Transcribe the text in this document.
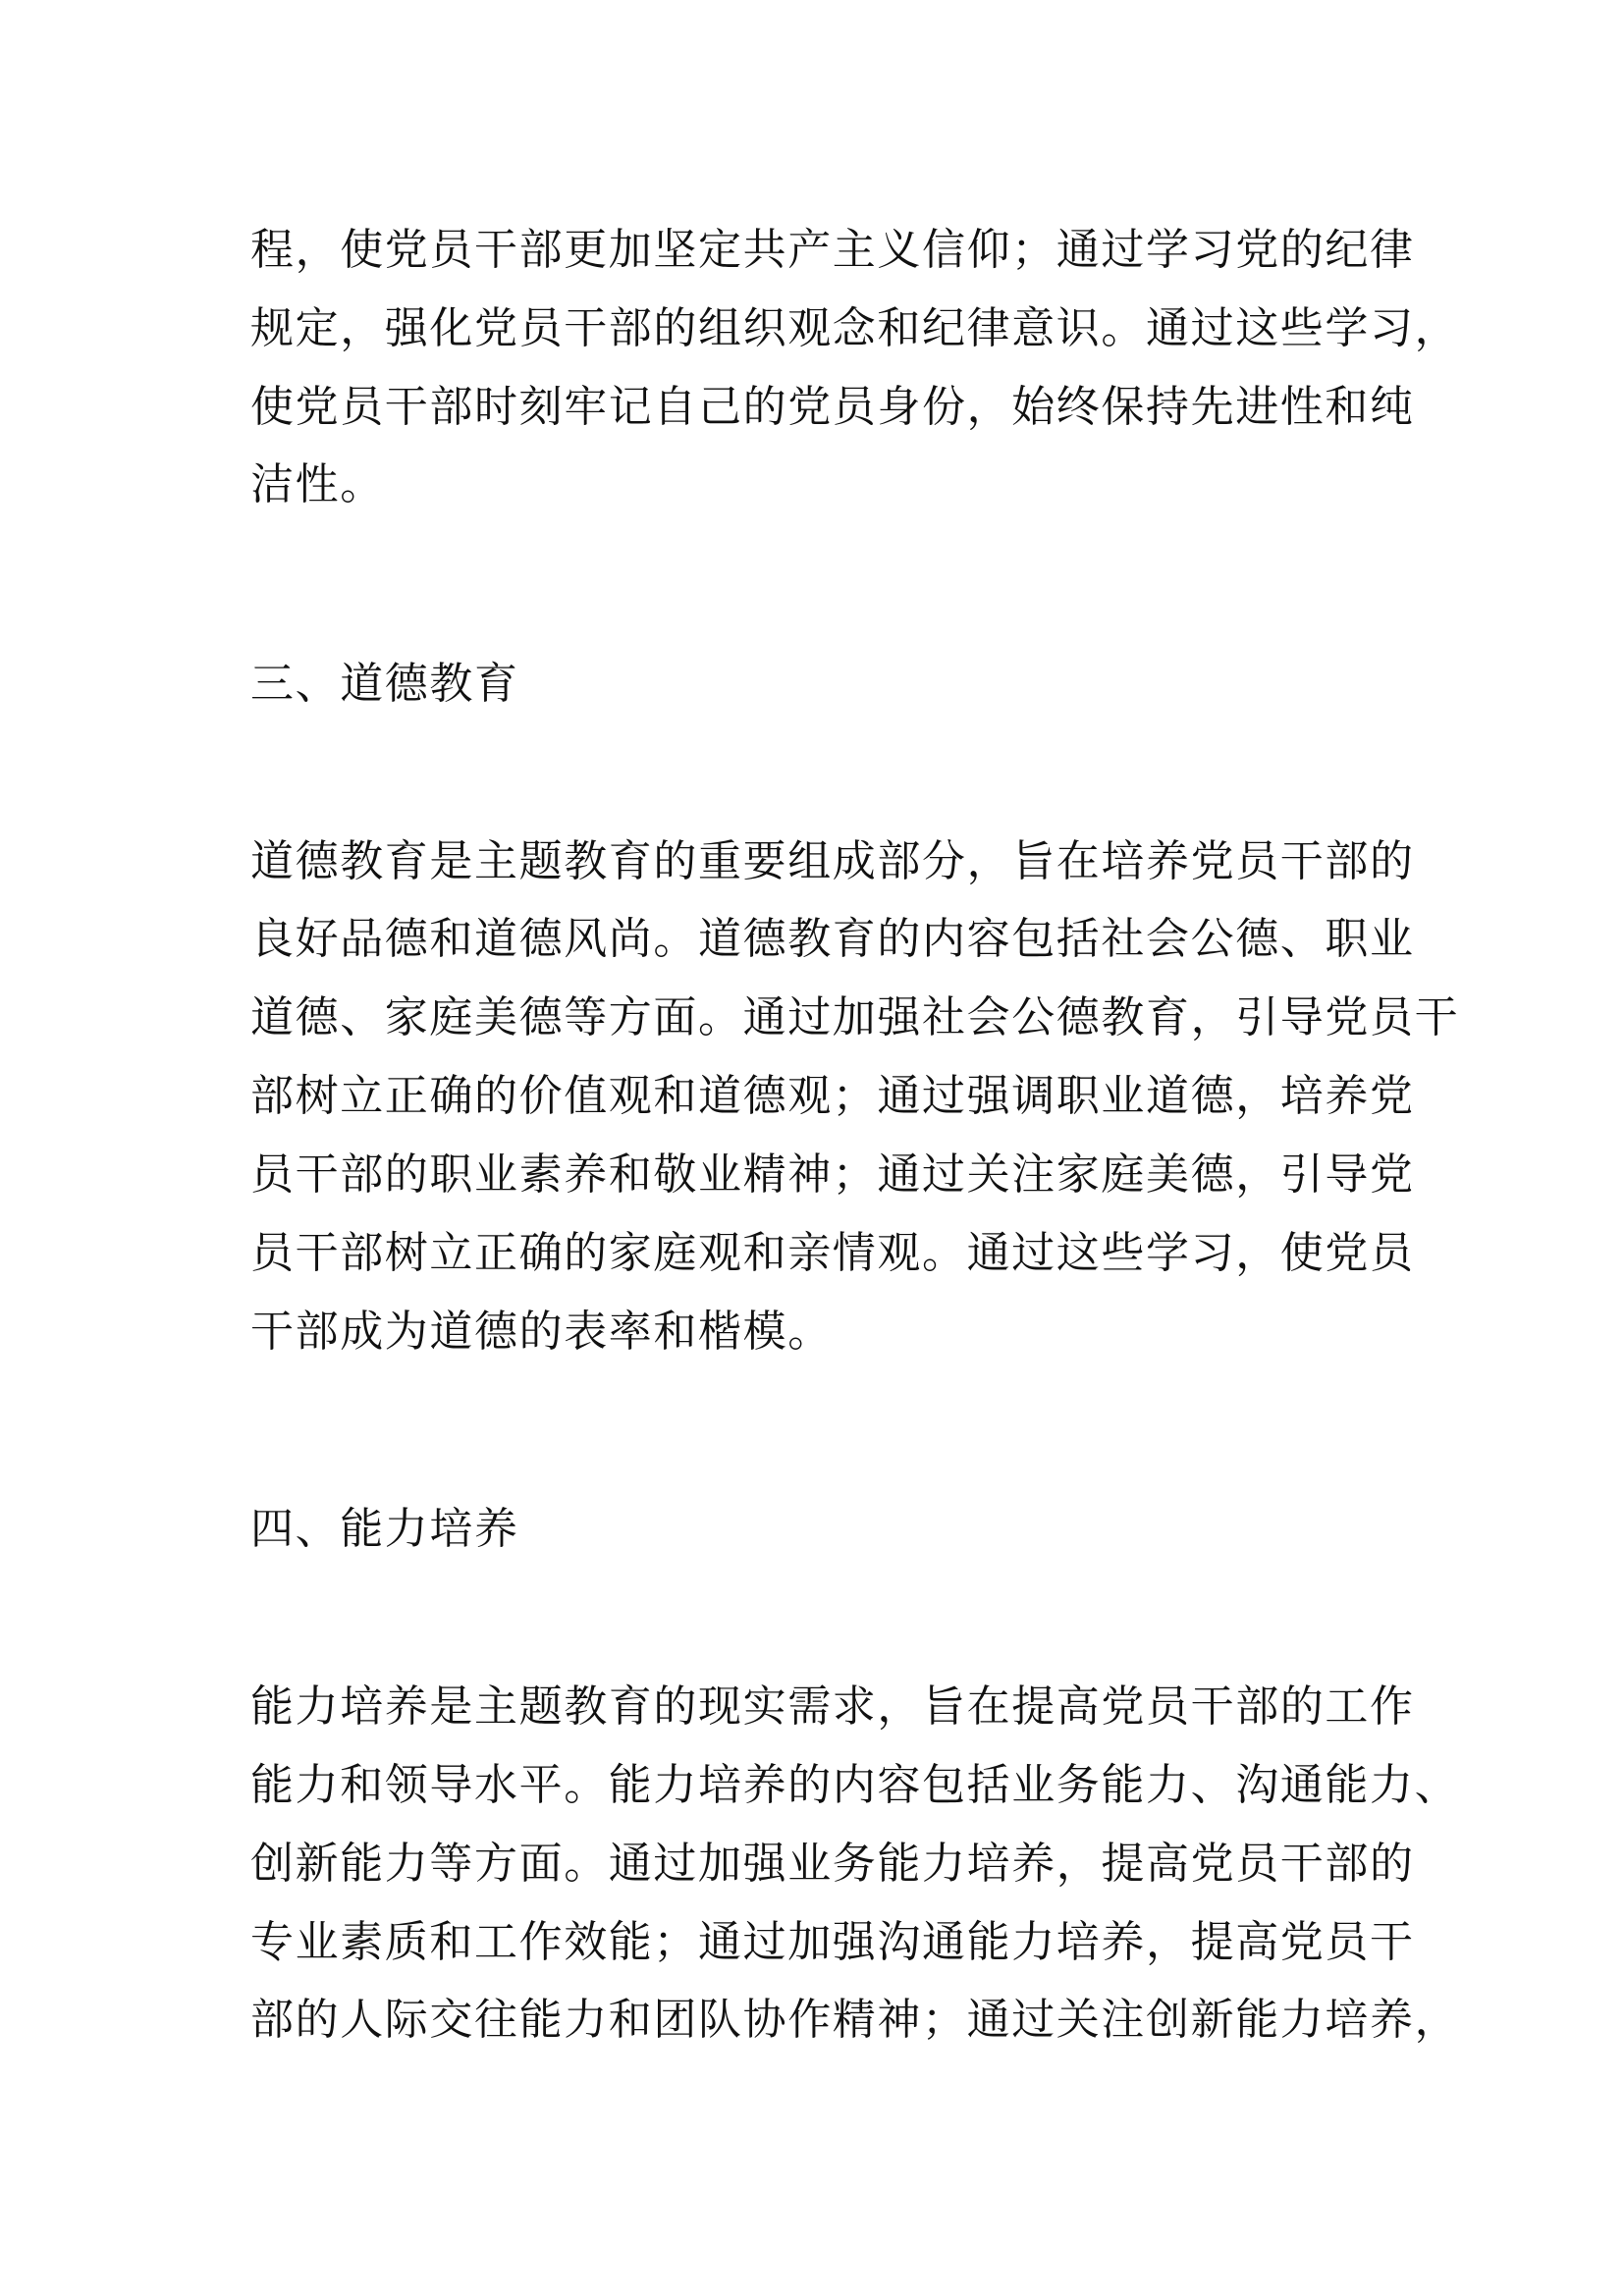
程，使党员干部更加坚定共产主义信仰；通过学习党的纪律

规定，强化党员干部的组织观念和纪律意识。通过这些学习，

使党员干部时刻牢记自己的党员身份，始终保持先进性和纯

洁性。

三、道德教育

道德教育是主题教育的重要组成部分，旨在培养党员干部的

良好品德和道德风尚。道德教育的内容包括社会公德、职业

道德、家庭美德等方面。通过加强社会公德教育，引导党员干

部树立正确的价值观和道德观；通过强调职业道德，培养党

员干部的职业素养和敬业精神；通过关注家庭美德，引导党

员干部树立正确的家庭观和亲情观。通过这些学习，使党员

干部成为道德的表率和楷模。

四、能力培养

能力培养是主题教育的现实需求，旨在提高党员干部的工作

能力和领导水平。能力培养的内容包括业务能力、沟通能力、

创新能力等方面。通过加强业务能力培养，提高党员干部的

专业素质和工作效能；通过加强沟通能力培养，提高党员干

部的人际交往能力和团队协作精神；通过关注创新能力培养，
